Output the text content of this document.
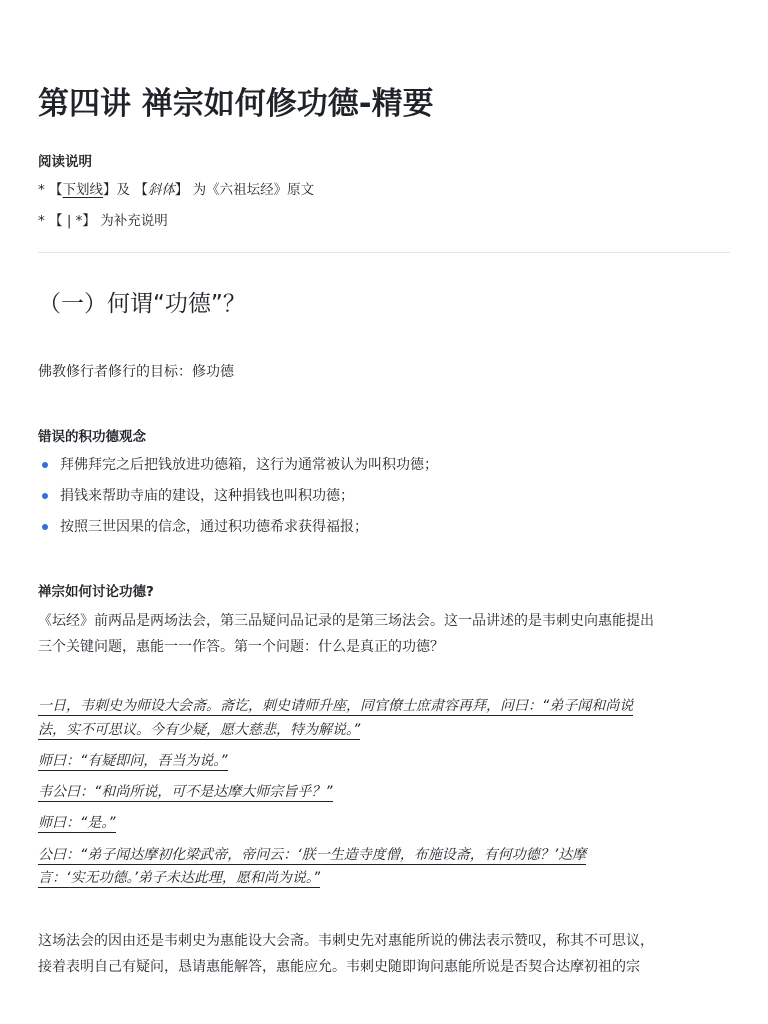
第四讲 禅宗如何修功德-精要
阅读说明
* 【下划线】及 【斜体】 为《六祖坛经》原文
* 【 | *】 为补充说明
（一）何谓“功德”？
佛教修行者修行的目标：修功德
错误的积功德观念
拜佛拜完之后把钱放进功德箱，这行为通常被认为叫积功德；
捐钱来帮助寺庙的建设，这种捐钱也叫积功德；
按照三世因果的信念，通过积功德希求获得福报；
禅宗如何讨论功德?
《坛经》前两品是两场法会，第三品疑问品记录的是第三场法会。这一品讲述的是韦刺史向惠能提出
三个关键问题，惠能一一作答。第一个问题：什么是真正的功德？
一日，韦刺史为师设大会斋。斋讫，刺史请师升座，同官僚士庶肃容再拜，问曰：“弟子闻和尚说
法，实不可思议。今有少疑，愿大慈悲，特为解说。”
师曰：“有疑即问，吾当为说。”
韦公曰：“和尚所说，可不是达摩大师宗旨乎？”
师曰：“是。”
公曰：“弟子闻达摩初化梁武帝，帝问云：‘朕一生造寺度僧，布施设斋，有何功德？’达摩
言：‘实无功德。’弟子未达此理，愿和尚为说。”
这场法会的因由还是韦刺史为惠能设大会斋。韦刺史先对惠能所说的佛法表示赞叹，称其不可思议，
接着表明自己有疑问，恳请惠能解答，惠能应允。韦刺史随即询问惠能所说是否契合达摩初祖的宗
